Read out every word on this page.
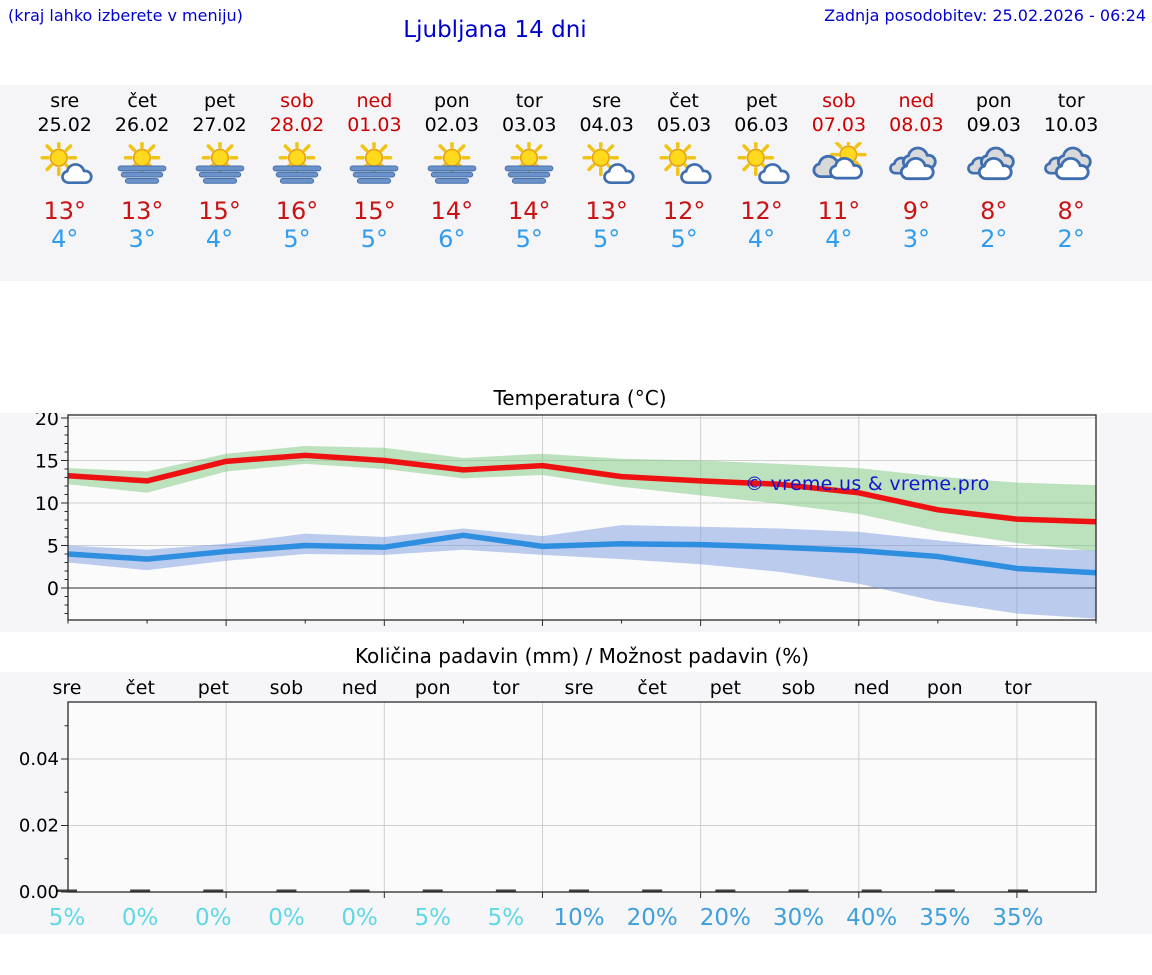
(kraj lahko izberete v meniju)	Zadnja posodobitev: 25.02.2026 - 06:24
Ljubljana 14 dni
sre
25.02
13°
4°
čet
26.02
13°
3°
pet
27.02
15°
4°
sob
28.02
16°
5°
ned
01.03
15°
5°
pon
02.03
14°
6°
tor
03.03
14°
5°
sre
04.03
13°
5°
čet
05.03
12°
5°
pet
06.03
12°
4°
sob
07.03
11°
4°
ned
08.03
9°
3°
pon
09.03
8°
2°
tor
10.03
8°
2°
Temperatura (°C)
0
5
10
15
20
© vreme.us & vreme.pro
Količina padavin (mm) / Možnost padavin (%)
0.00
0.02
0.04
sre čet pet sob ned pon tor sre čet pet sob ned pon tor
5% 0% 0% 0% 0% 5% 5% 10% 20% 20% 30% 40% 35% 35%
